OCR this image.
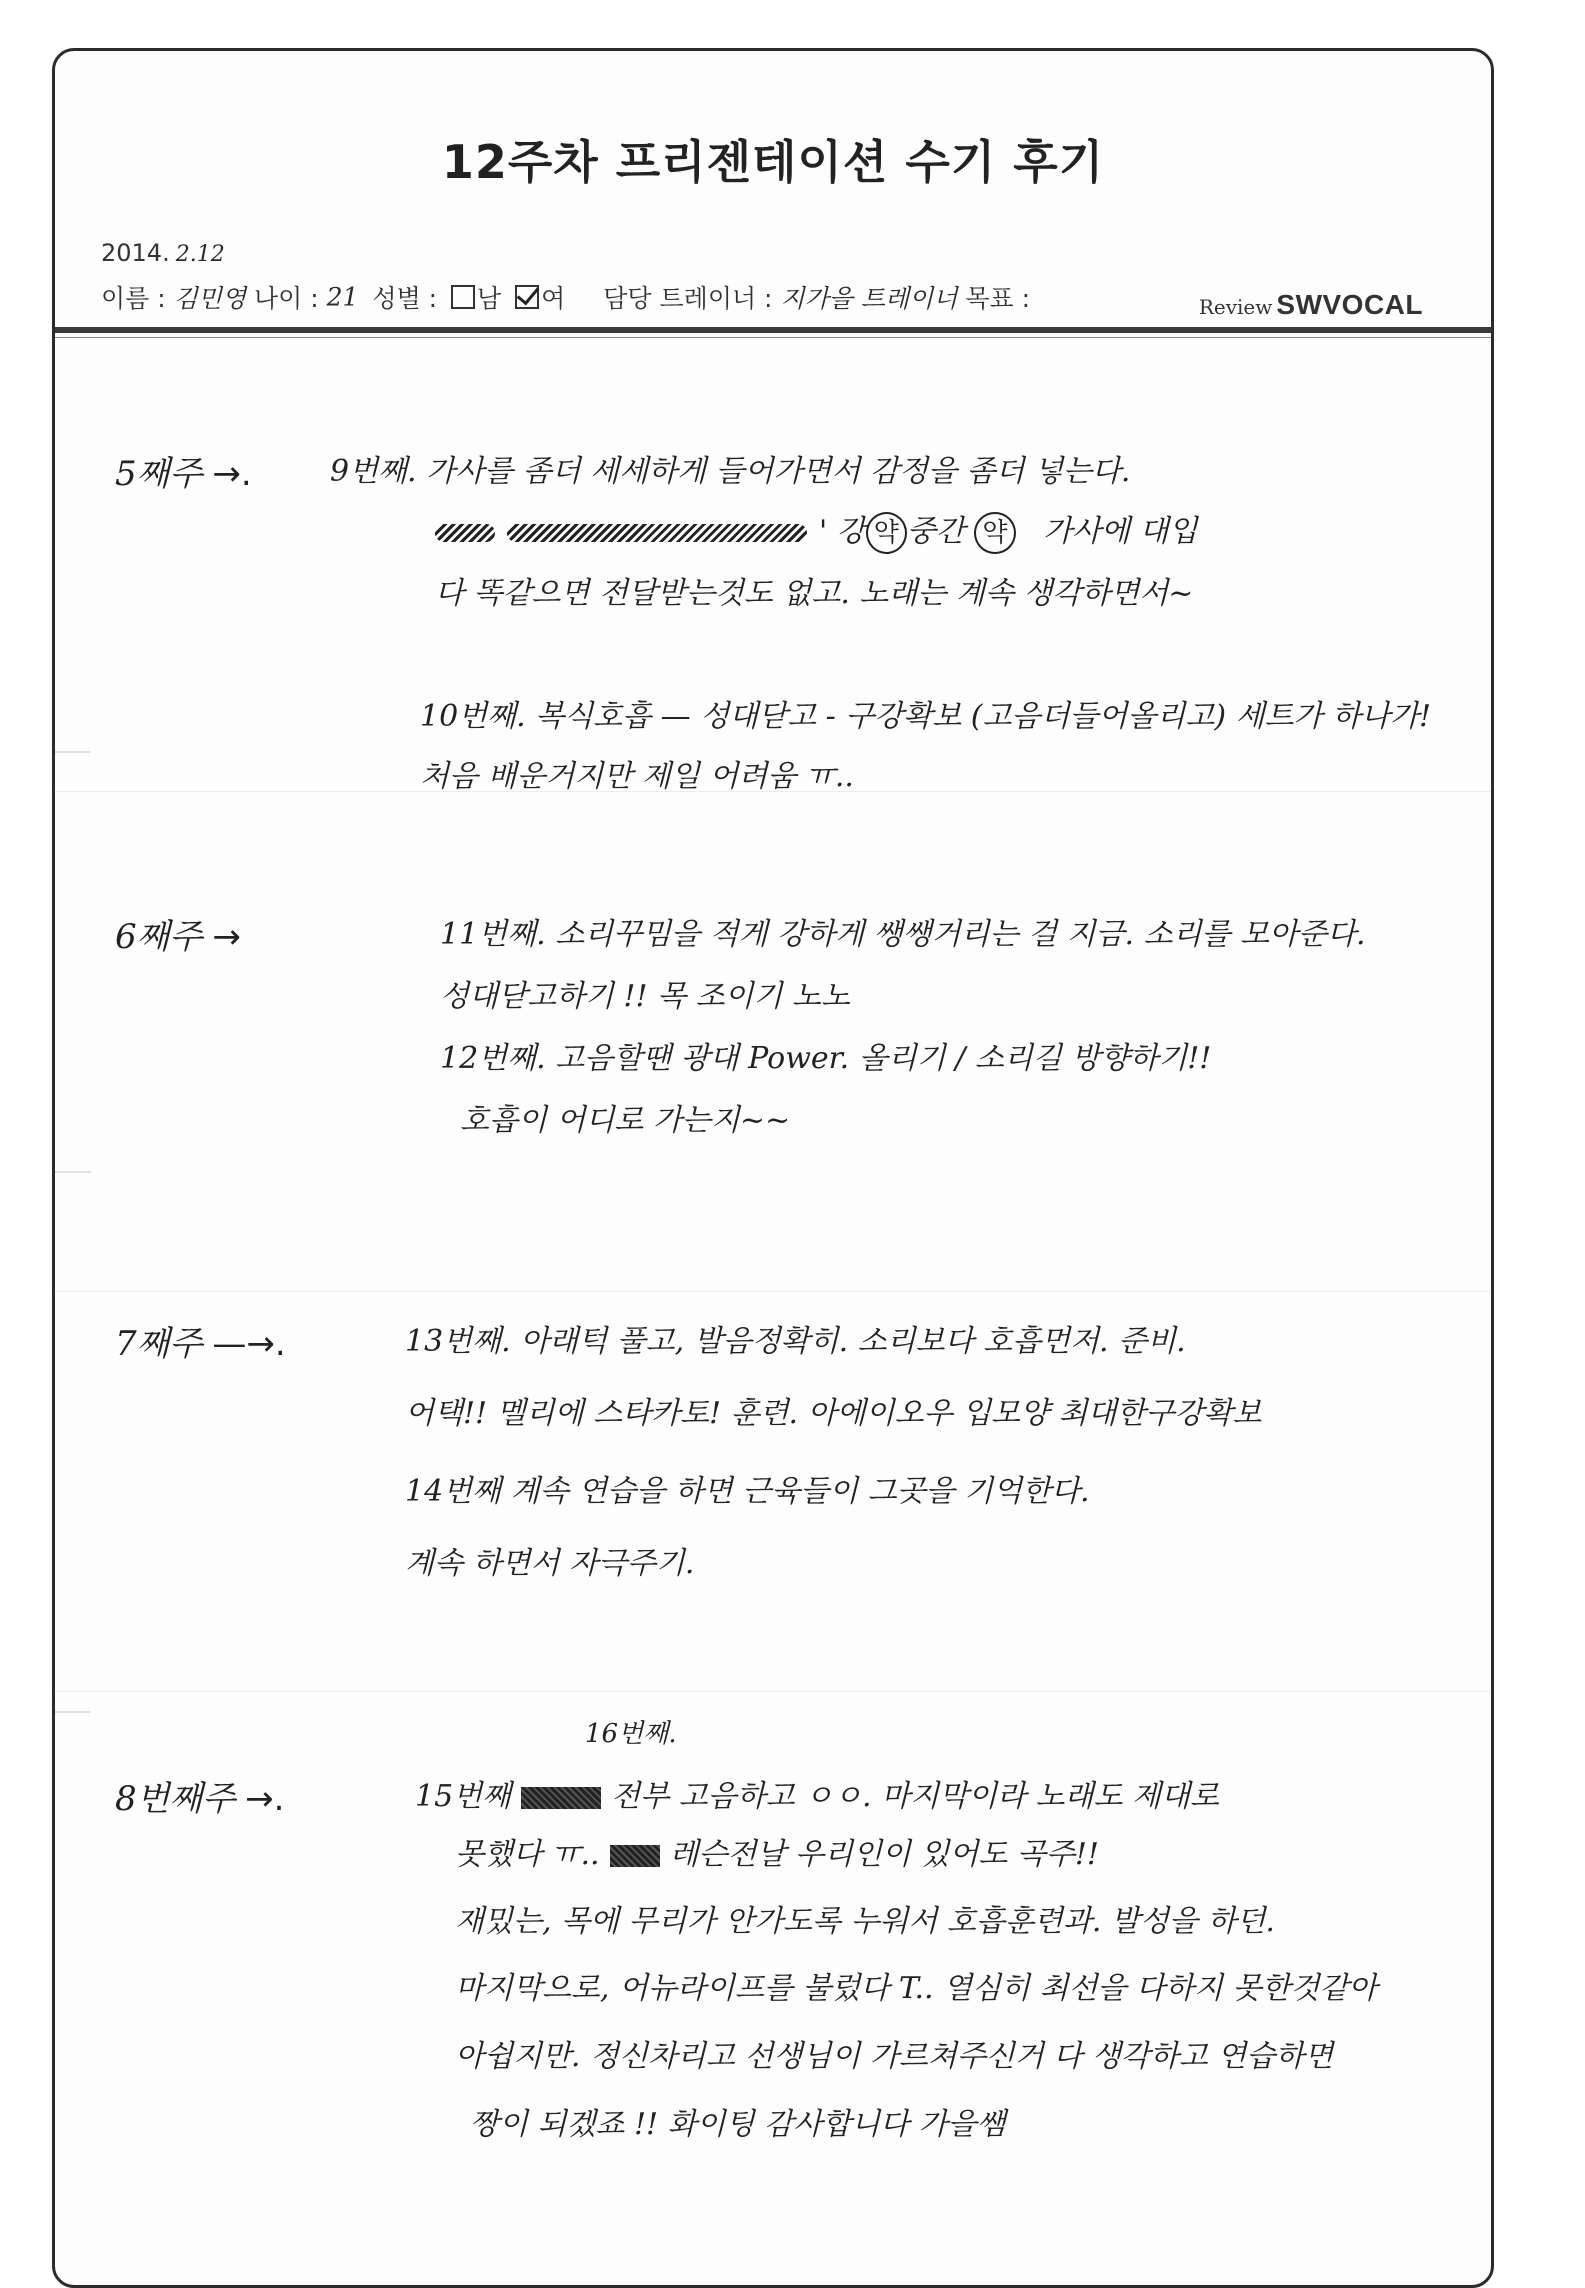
12주차 프리젠테이션 수기 후기
2014. 2.12
이름 : 김민영 나이 : 21 성별 : 남 여 담당 트레이너 : 지가을 트레이너 목표 :	Review SWVOCAL
5째주 →.	9번째. 가사를 좀더 세세하게 들어가면서 감정을 좀더 넣는다.
' 강 약 중간 약 가사에 대입
다 똑같으면 전달받는것도 없고. 노래는 계속 생각하면서~
10번째. 복식호흡 — 성대닫고 - 구강확보 (고음더들어올리고) 세트가 하나가!
처음 배운거지만 제일 어려움 ㅠ..
6째주 →	11번째. 소리꾸밈을 적게 강하게 쌩쌩거리는 걸 지금. 소리를 모아준다.
성대닫고하기 !! 목 조이기 노노
12번째. 고음할땐 광대 Power. 올리기 / 소리길 방향하기!!
호흡이 어디로 가는지~~
7째주 —→.	13번째. 아래턱 풀고, 발음정확히. 소리보다 호흡먼저. 준비.
어택!! 멜리에 스타카토! 훈련. 아에이오우 입모양 최대한구강확보
14번째 계속 연습을 하면 근육들이 그곳을 기억한다.
계속 하면서 자극주기.
16번째.
8번째주 →.	15번째	전부 고음하고 ㅇㅇ. 마지막이라 노래도 제대로
못했다 ㅠ.. 레슨전날 우리인이 있어도 곡주!!
재밌는, 목에 무리가 안가도록 누워서 호흡훈련과. 발성을 하던.
마지막으로, 어뉴라이프를 불렀다 T.. 열심히 최선을 다하지 못한것같아
아쉽지만. 정신차리고 선생님이 가르쳐주신거 다 생각하고 연습하면
짱이 되겠죠 !! 화이팅 감사합니다 가을쌤
